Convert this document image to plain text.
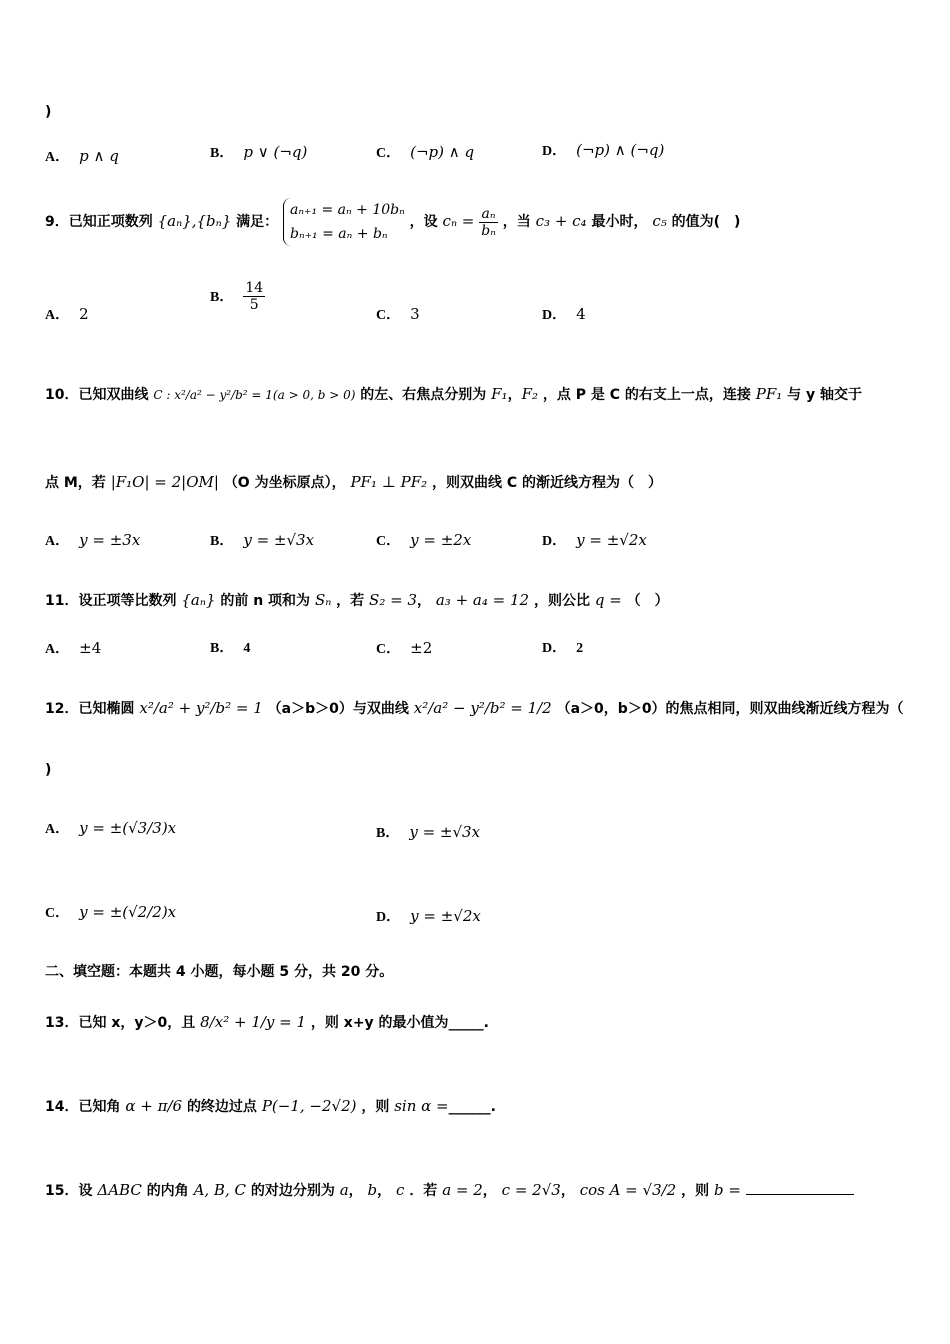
)
A． p ∧ q	B． p ∨ (¬q)	C． (¬p) ∧ q	D． (¬p) ∧ (¬q)
9．已知正项数列 {aₙ},{bₙ} 满足：
aₙ₊₁ = aₙ + 10bₙ
bₙ₊₁ = aₙ + bₙ
，设 $c_n = \frac{\text{aₙ}}{\text{bₙ}}$ ，当 c₃ + c₄ 最小时， c₅ 的值为(　)
A． 2
B． $\frac{14}{5}$
C． 3	D． 4
10．已知双曲线 C : x²/a² − y²/b² = 1(a > 0, b > 0) 的左、右焦点分别为 F₁，F₂ ，点 P 是 C 的右支上一点，连接 PF₁ 与 y 轴交于
点 M，若 |F₁O| = 2|OM| （O 为坐标原点）， PF₁ ⊥ PF₂ ，则双曲线 C 的渐近线方程为（　）
A． y = ±3x	B． y = ±√3x	C． y = ±2x	D． y = ±√2x
11．设正项等比数列 {aₙ} 的前 n 项和为 Sₙ ，若 S₂ = 3， a₃ + a₄ = 12 ，则公比 q = （　）
A． ±4	B． 4	C． ±2	D． 2
12．已知椭圆 x²/a² + y²/b² = 1 （a＞b＞0）与双曲线 x²/a² − y²/b² = 1/2 （a＞0，b＞0）的焦点相同，则双曲线渐近线方程为（
)
A． y = ±(√3/3)x	B． y = ±√3x
C． y = ±(√2/2)x	D． y = ±√2x
二、填空题：本题共 4 小题，每小题 5 分，共 20 分。
13．已知 x，y＞0，且 8/x² + 1/y = 1 ，则 x+y 的最小值为_____.
14．已知角 α + π/6 的终边过点 P(−1, −2√2) ，则 sin α =______.
15．设 ΔABC 的内角 A, B, C 的对边分别为 a， b， c ．若 a = 2， c = 2√3， cos A = √3/2 ，则 b =
